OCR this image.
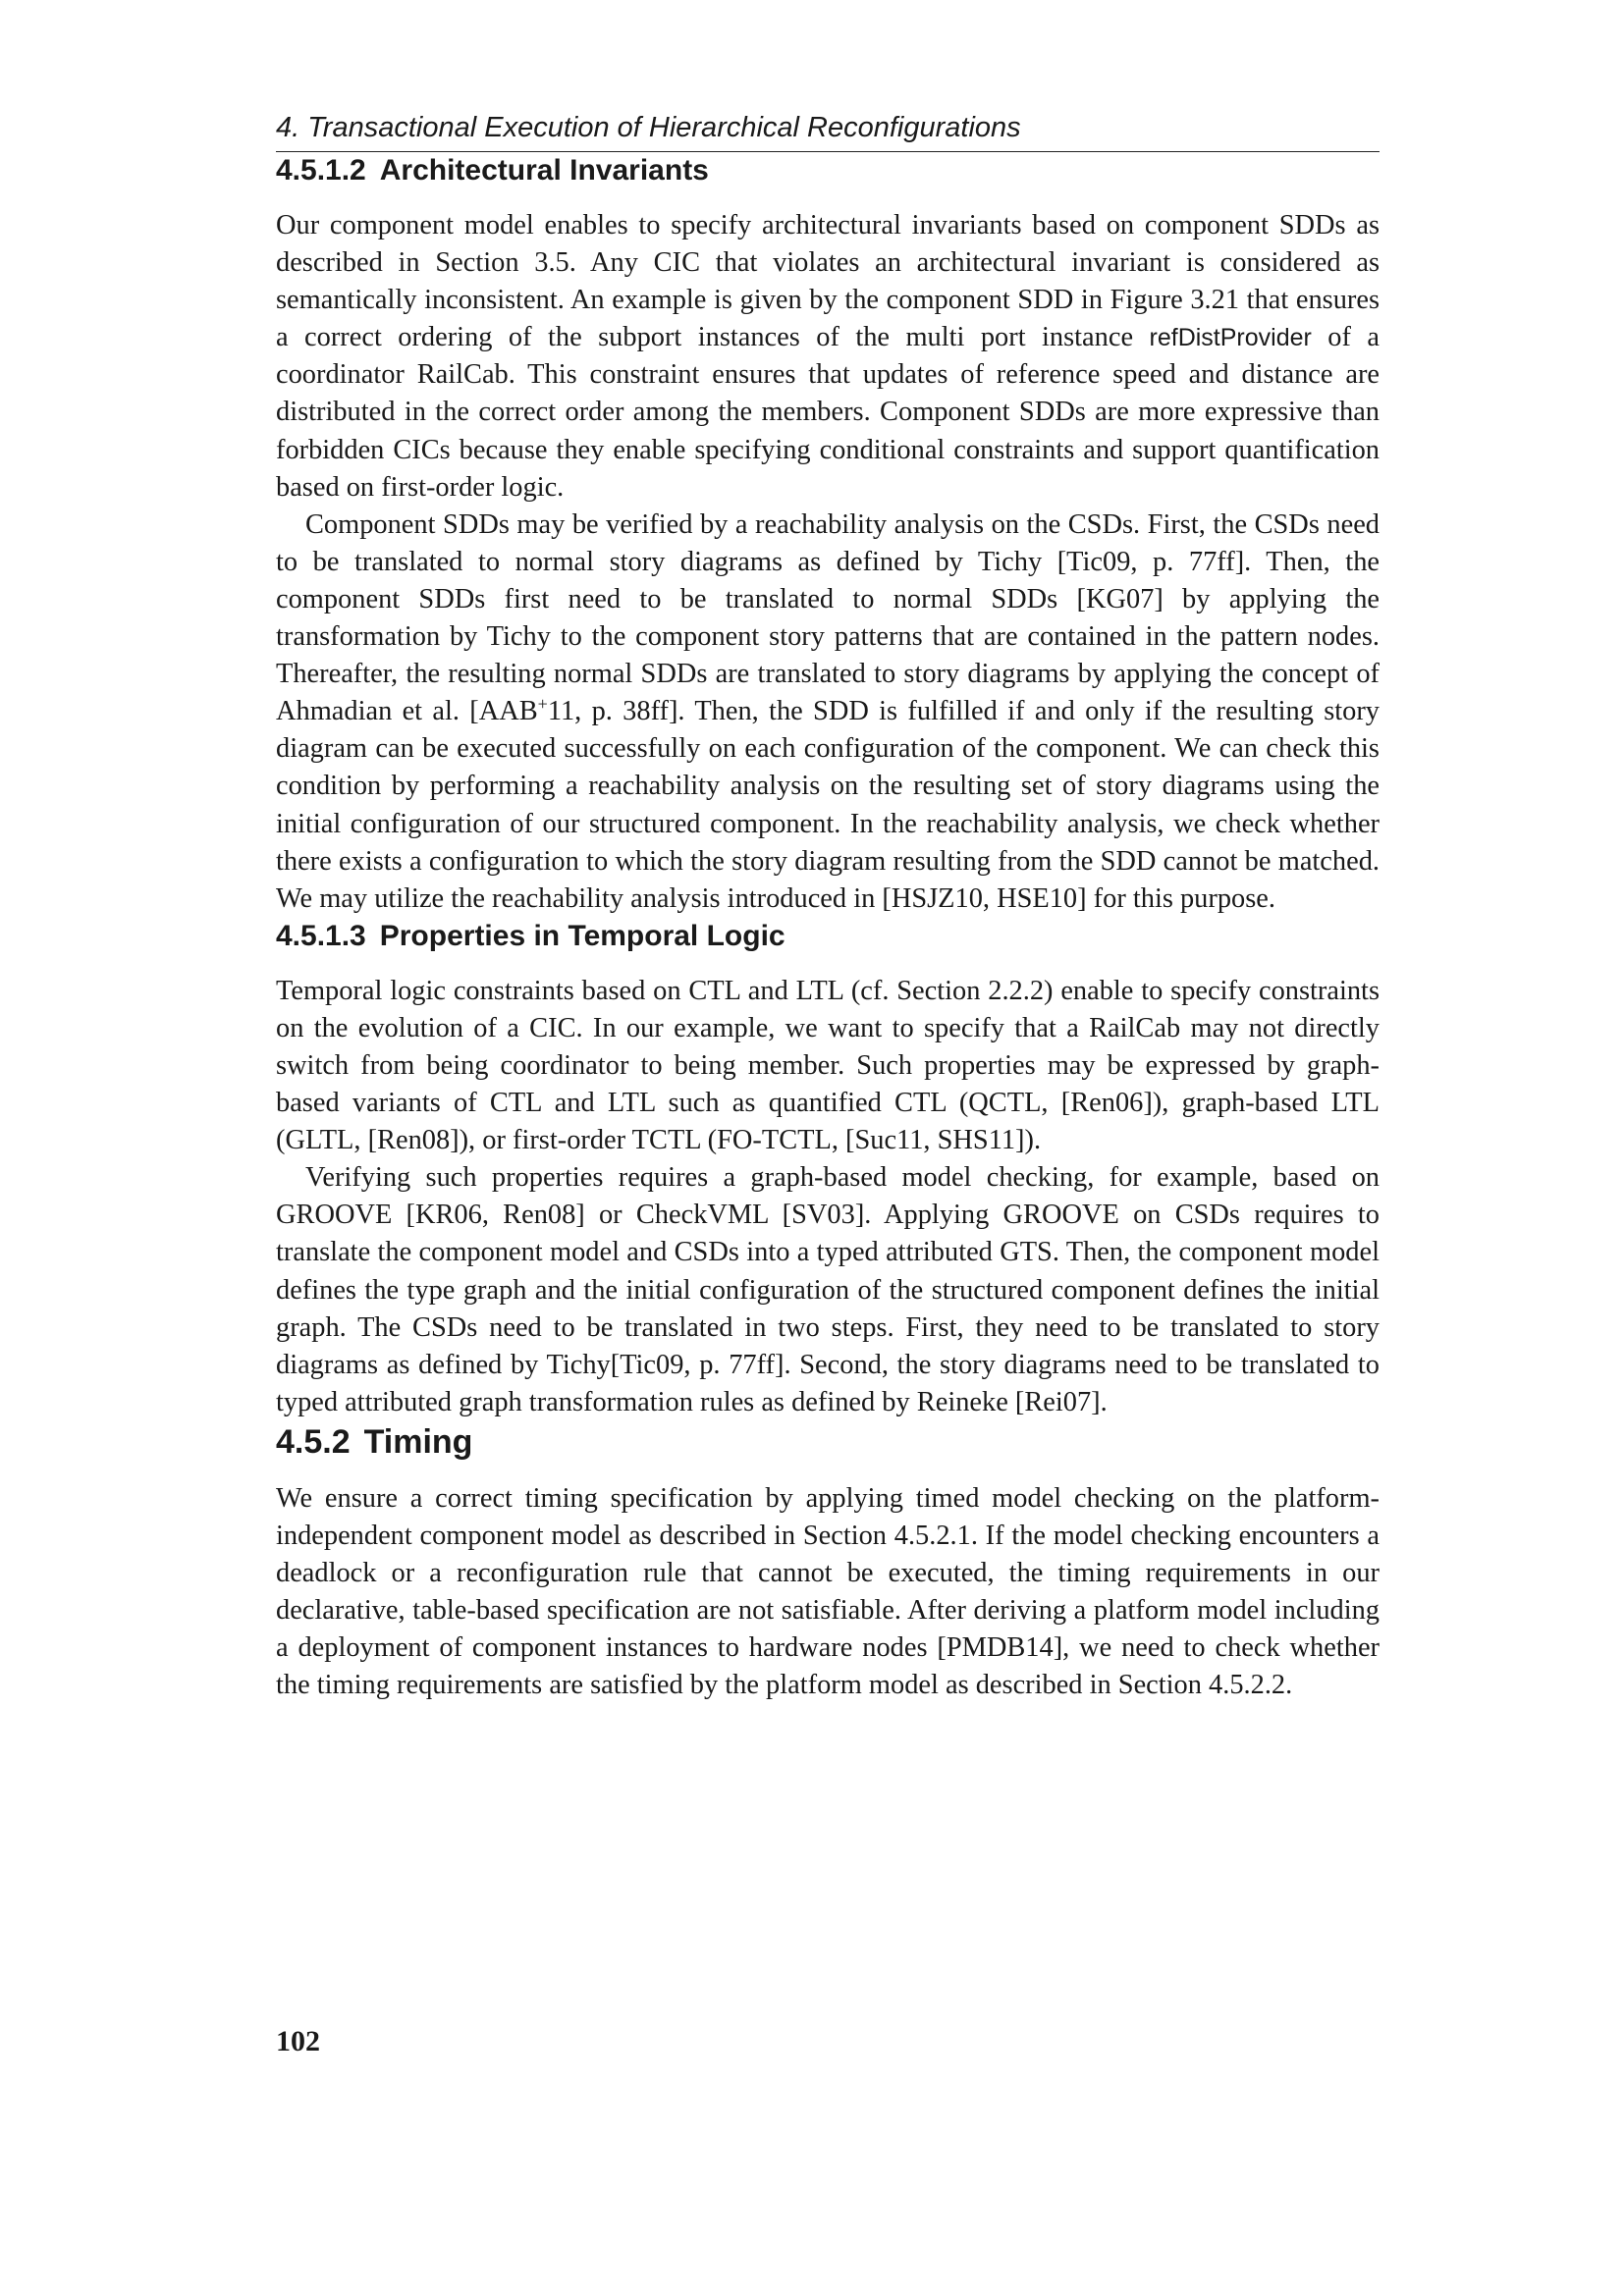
4. Transactional Execution of Hierarchical Reconfigurations
4.5.1.2 Architectural Invariants

Our component model enables to specify architectural invariants based on component SDDs as described in Section 3.5. Any CIC that violates an architectural invariant is considered as semantically inconsistent. An example is given by the component SDD in Figure 3.21 that ensures a correct ordering of the subport instances of the multi port instance refDistProvider of a coordinator RailCab. This constraint ensures that updates of reference speed and distance are distributed in the correct order among the members. Component SDDs are more expressive than forbidden CICs because they enable specifying conditional constraints and support quantification based on first-order logic.

Component SDDs may be verified by a reachability analysis on the CSDs. First, the CSDs need to be translated to normal story diagrams as defined by Tichy [Tic09, p. 77ff]. Then, the component SDDs first need to be translated to normal SDDs [KG07] by applying the transformation by Tichy to the component story patterns that are contained in the pattern nodes. Thereafter, the resulting normal SDDs are translated to story diagrams by applying the concept of Ahmadian et al. [AAB+11, p. 38ff]. Then, the SDD is fulfilled if and only if the resulting story diagram can be executed successfully on each configuration of the component. We can check this condition by performing a reachability analysis on the resulting set of story diagrams using the initial configuration of our structured component. In the reachability analysis, we check whether there exists a configuration to which the story diagram resulting from the SDD cannot be matched. We may utilize the reachability analysis introduced in [HSJZ10, HSE10] for this purpose.

4.5.1.3 Properties in Temporal Logic

Temporal logic constraints based on CTL and LTL (cf. Section 2.2.2) enable to specify constraints on the evolution of a CIC. In our example, we want to specify that a RailCab may not directly switch from being coordinator to being member. Such properties may be expressed by graph-based variants of CTL and LTL such as quantified CTL (QCTL, [Ren06]), graph-based LTL (GLTL, [Ren08]), or first-order TCTL (FO-TCTL, [Suc11, SHS11]).

Verifying such properties requires a graph-based model checking, for example, based on GROOVE [KR06, Ren08] or CheckVML [SV03]. Applying GROOVE on CSDs requires to translate the component model and CSDs into a typed attributed GTS. Then, the component model defines the type graph and the initial configuration of the structured component defines the initial graph. The CSDs need to be translated in two steps. First, they need to be translated to story diagrams as defined by Tichy[Tic09, p. 77ff]. Second, the story diagrams need to be translated to typed attributed graph transformation rules as defined by Reineke [Rei07].

4.5.2 Timing

We ensure a correct timing specification by applying timed model checking on the platform-independent component model as described in Section 4.5.2.1. If the model checking encounters a deadlock or a reconfiguration rule that cannot be executed, the timing requirements in our declarative, table-based specification are not satisfiable. After deriving a platform model including a deployment of component instances to hardware nodes [PMDB14], we need to check whether the timing requirements are satisfied by the platform model as described in Section 4.5.2.2.

102
